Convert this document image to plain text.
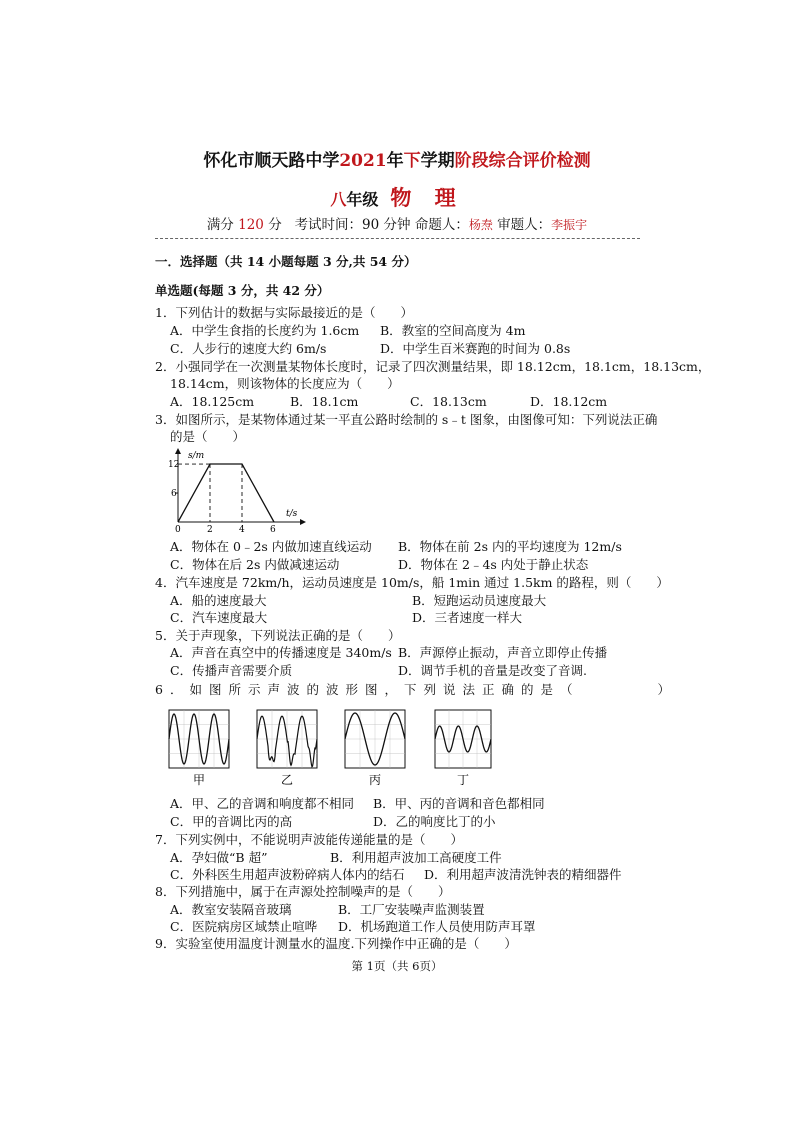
怀化市顺天路中学2021年下学期阶段综合评价检测
八年级 物 理
满分 120 分 考试时间：90 分钟 命题人：杨焘 审题人：李振宇
一．选择题（共 14 小题每题 3 分,共 54 分）
单选题(每题 3 分，共 42 分）
1．下列估计的数据与实际最接近的是（　　）
A．中学生食指的长度约为 1.6cm B．教室的空间高度为 4m
C．人步行的速度大约 6m/s	D．中学生百米赛跑的时间为 0.8s
2．小强同学在一次测量某物体长度时，记录了四次测量结果，即 18.12cm，18.1cm，18.13cm，
18.14cm，则该物体的长度应为（　　）
A．18.125cm	B．18.1cm	C．18.13cm	D．18.12cm
3．如图所示，是某物体通过某一平直公路时绘制的 s﹣t 图象，由图像可知：下列说法正确
的是（　　）
s/m
t/s
12
6
0	2	4	6
A．物体在 0﹣2s 内做加速直线运动 B．物体在前 2s 内的平均速度为 12m/s
C．物体在后 2s 内做减速运动	D．物体在 2﹣4s 内处于静止状态
4．汽车速度是 72km/h，运动员速度是 10m/s，船 1min 通过 1.5km 的路程，则（　　）
A．船的速度最大	B．短跑运动员速度最大
C．汽车速度最大	D．三者速度一样大
5．关于声现象，下列说法正确的是（　　）
A．声音在真空中的传播速度是 340m/s B．声源停止振动，声音立即停止传播
C．传播声音需要介质	D．调节手机的音量是改变了音调.
6．如图所示声波的波形图，下列说法正确的是（　　　　）
甲	乙	丙	丁
A．甲、乙的音调和响度都不相同 B．甲、丙的音调和音色都相同
C．甲的音调比丙的高	D．乙的响度比丁的小
7．下列实例中，不能说明声波能传递能量的是（　　）
A．孕妇做“B 超”	B．利用超声波加工高硬度工件
C．外科医生用超声波粉碎病人体内的结石 D．利用超声波清洗钟表的精细器件
8．下列措施中，属于在声源处控制噪声的是（　　）
A．教室安装隔音玻璃	B．工厂安装噪声监测装置
C．医院病房区域禁止喧哗 D．机场跑道工作人员使用防声耳罩
9．实验室使用温度计测量水的温度.下列操作中正确的是（　　）
第 1页（共 6页）
